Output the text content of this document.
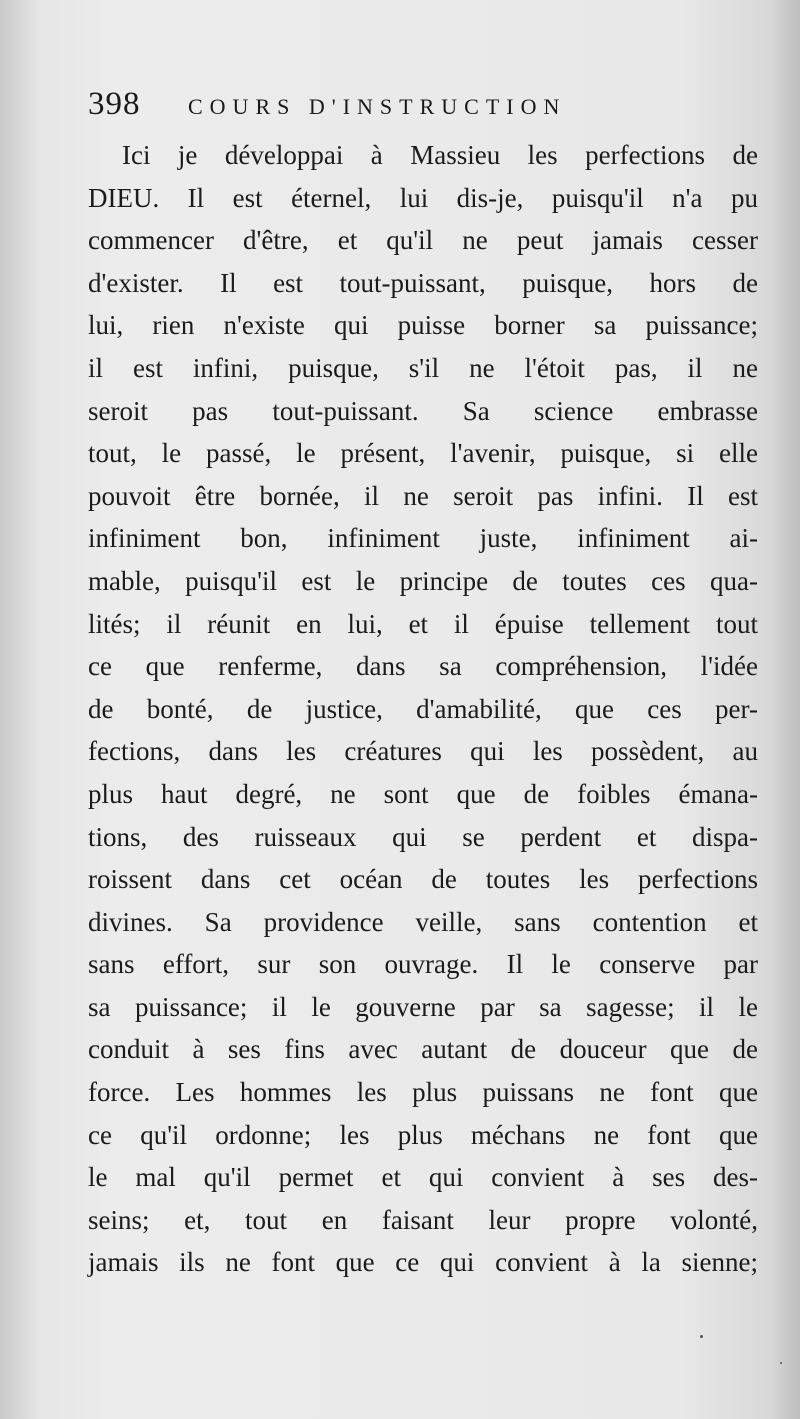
398 COURS D'INSTRUCTION
Ici je développai à Massieu les perfections de
DIEU. Il est éternel, lui dis-je, puisqu'il n'a pu
commencer d'être, et qu'il ne peut jamais cesser
d'exister. Il est tout-puissant, puisque, hors de
lui, rien n'existe qui puisse borner sa puissance;
il est infini, puisque, s'il ne l'étoit pas, il ne
seroit pas tout-puissant. Sa science embrasse
tout, le passé, le présent, l'avenir, puisque, si elle
pouvoit être bornée, il ne seroit pas infini. Il est
infiniment bon, infiniment juste, infiniment ai-
mable, puisqu'il est le principe de toutes ces qua-
lités; il réunit en lui, et il épuise tellement tout
ce que renferme, dans sa compréhension, l'idée
de bonté, de justice, d'amabilité, que ces per-
fections, dans les créatures qui les possèdent, au
plus haut degré, ne sont que de foibles émana-
tions, des ruisseaux qui se perdent et dispa-
roissent dans cet océan de toutes les perfections
divines. Sa providence veille, sans contention et
sans effort, sur son ouvrage. Il le conserve par
sa puissance; il le gouverne par sa sagesse; il le
conduit à ses fins avec autant de douceur que de
force. Les hommes les plus puissans ne font que
ce qu'il ordonne; les plus méchans ne font que
le mal qu'il permet et qui convient à ses des-
seins; et, tout en faisant leur propre volonté,
jamais ils ne font que ce qui convient à la sienne;
